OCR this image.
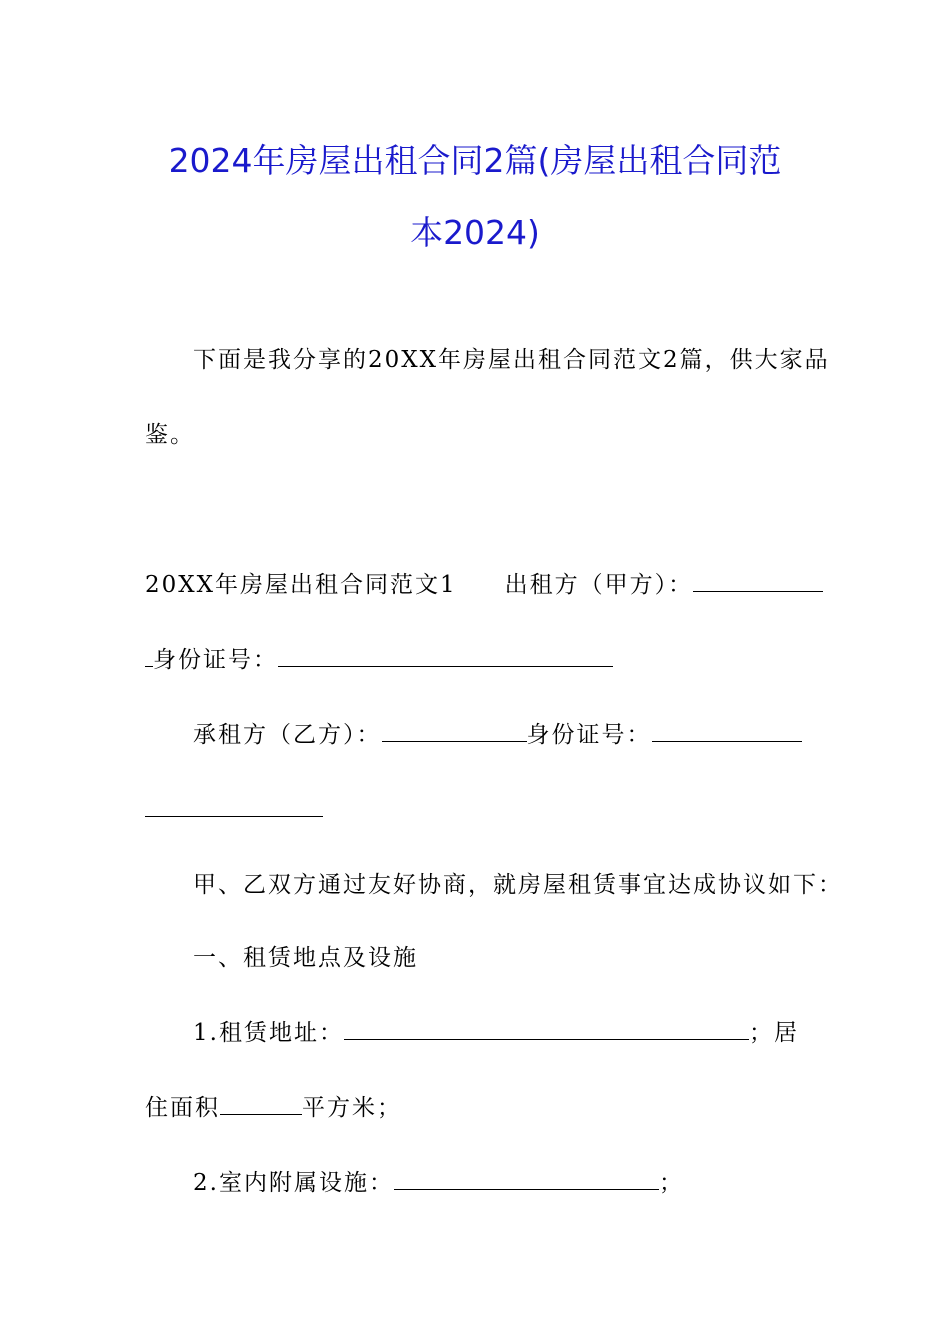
2024年房屋出租合同2篇(房屋出租合同范
本2024)
下面是我分享的20XX年房屋出租合同范文2篇，供大家品
鉴。
20XX年房屋出租合同范文1 出租方（甲方）：
身份证号：
承租方（乙方）：	身份证号：
甲、乙双方通过友好协商，就房屋租赁事宜达成协议如下：
一、租赁地点及设施
1.租赁地址：	；居
住面积	平方米；
2.室内附属设施：	；
